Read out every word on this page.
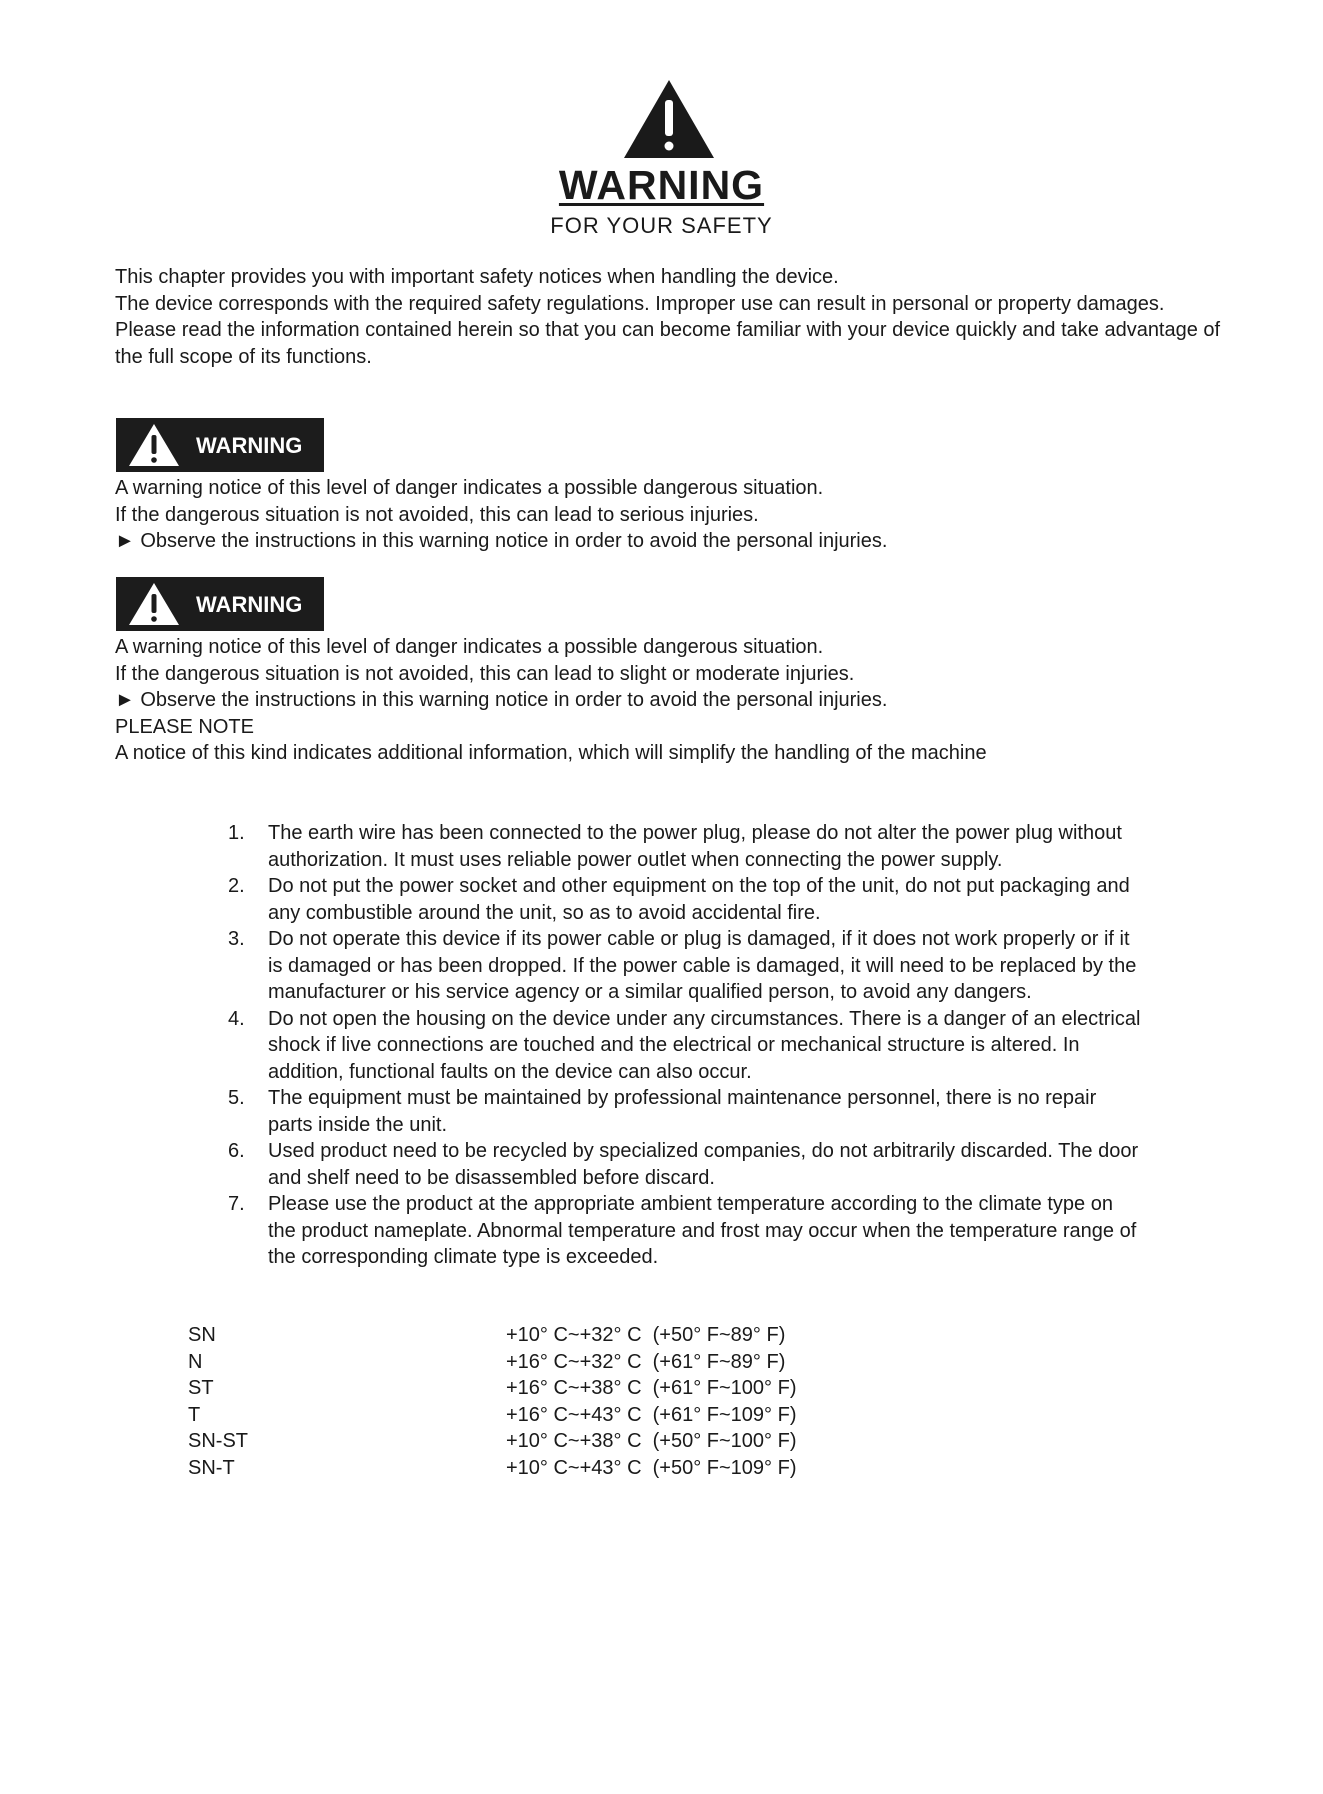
WARNING
FOR YOUR SAFETY

This chapter provides you with important safety notices when handling the device.

The device corresponds with the required safety regulations. Improper use can result in personal or property damages.

Please read the information contained herein so that you can become familiar with your device quickly and take advantage of the full scope of its functions.

WARNING

A warning notice of this level of danger indicates a possible dangerous situation.

If the dangerous situation is not avoided, this can lead to serious injuries.

► Observe the instructions in this warning notice in order to avoid the personal injuries.

WARNING

A warning notice of this level of danger indicates a possible dangerous situation.

If the dangerous situation is not avoided, this can lead to slight or moderate injuries.

► Observe the instructions in this warning notice in order to avoid the personal injuries.

PLEASE NOTE

A notice of this kind indicates additional information, which will simplify the handling of the machine

1. The earth wire has been connected to the power plug, please do not alter the power plug without authorization. It must uses reliable power outlet when connecting the power supply.
2. Do not put the power socket and other equipment on the top of the unit, do not put packaging and any combustible around the unit, so as to avoid accidental fire.
3. Do not operate this device if its power cable or plug is damaged, if it does not work properly or if it is damaged or has been dropped. If the power cable is damaged, it will need to be replaced by the manufacturer or his service agency or a similar qualified person, to avoid any dangers.
4. Do not open the housing on the device under any circumstances. There is a danger of an electrical shock if live connections are touched and the electrical or mechanical structure is altered. In addition, functional faults on the device can also occur.
5. The equipment must be maintained by professional maintenance personnel, there is no repair parts inside the unit.
6. Used product need to be recycled by specialized companies, do not arbitrarily discarded. The door and shelf need to be disassembled before discard.
7. Please use the product at the appropriate ambient temperature according to the climate type on the product nameplate. Abnormal temperature and frost may occur when the temperature range of the corresponding climate type is exceeded.
SN	+10° C~+32° C  (+50° F~89° F)
N	+16° C~+32° C  (+61° F~89° F)
ST	+16° C~+38° C  (+61° F~100° F)
T	+16° C~+43° C  (+61° F~109° F)
SN-ST	+10° C~+38° C  (+50° F~100° F)
SN-T	+10° C~+43° C  (+50° F~109° F)
